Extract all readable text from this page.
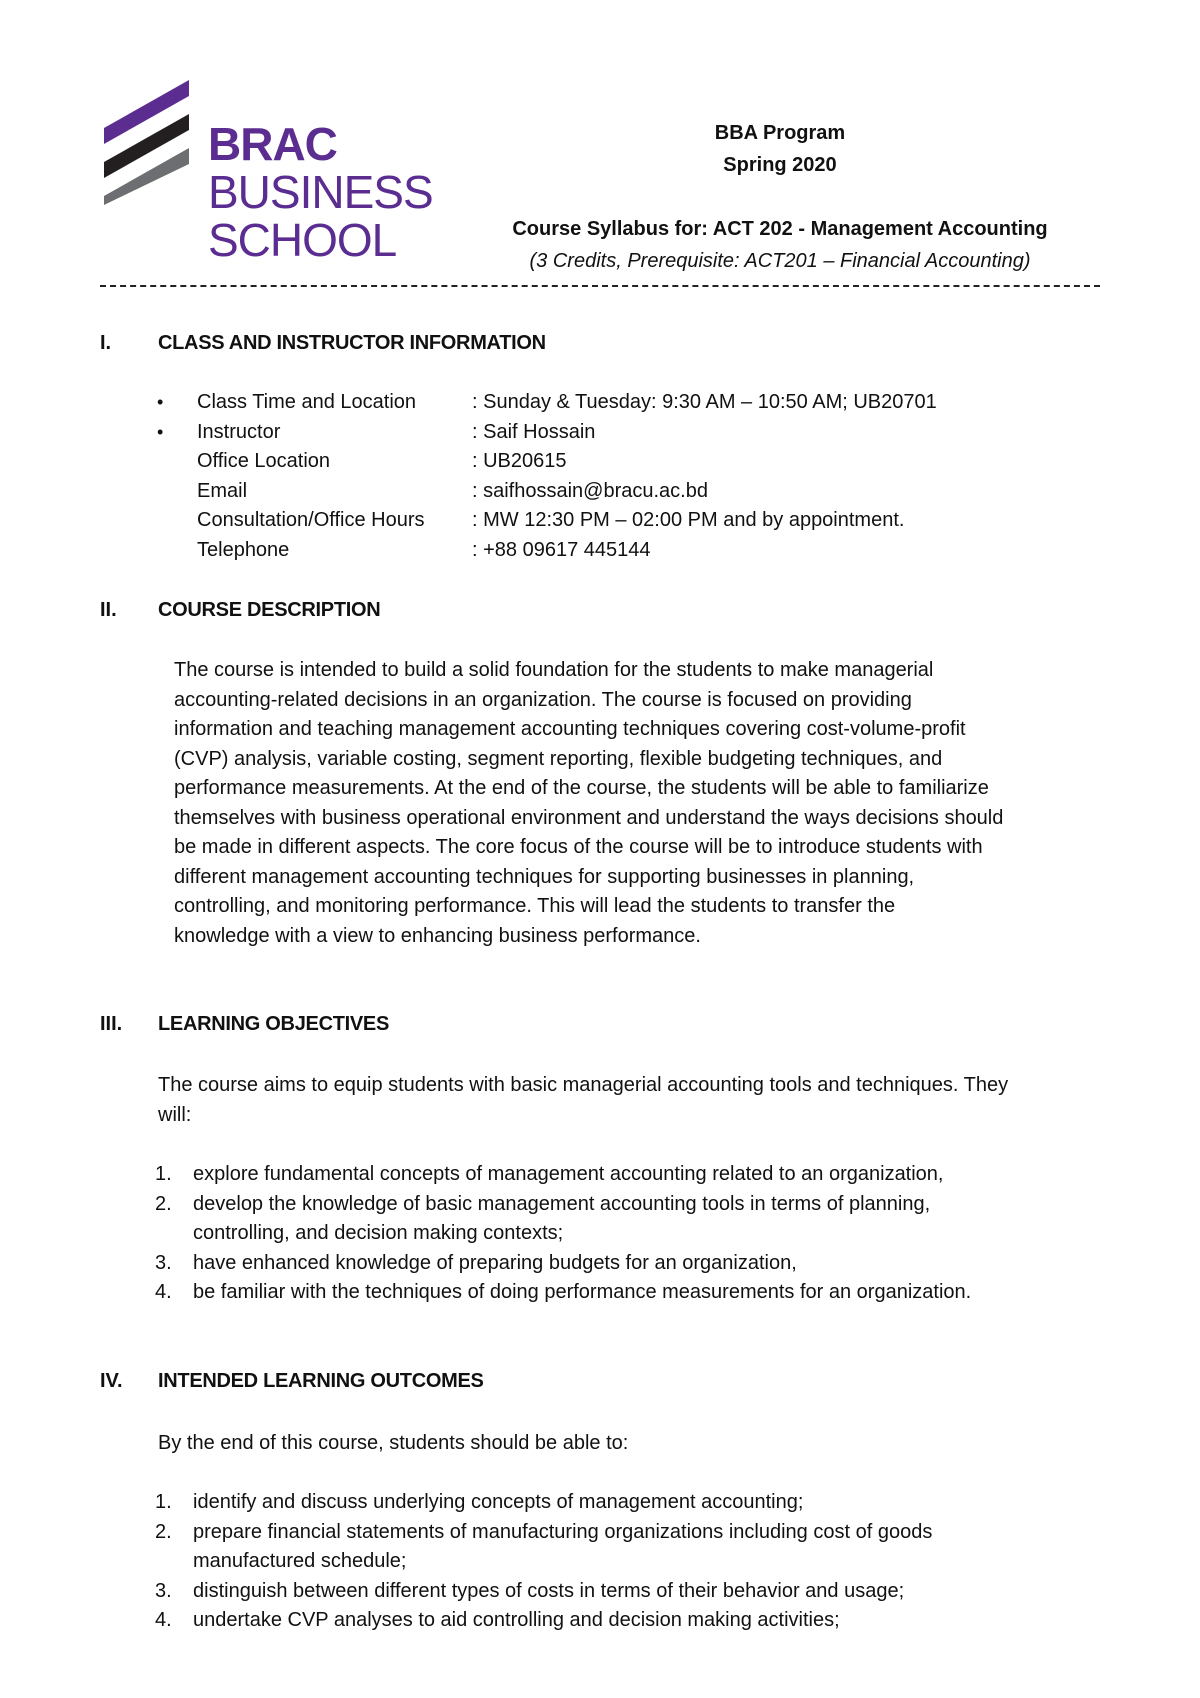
BRAC
BUSINESS
SCHOOL
BBA Program
Spring 2020
Course Syllabus for: ACT 202 - Management Accounting
(3 Credits, Prerequisite: ACT201 – Financial Accounting)
I. CLASS AND INSTRUCTOR INFORMATION
•	Class Time and Location	: Sunday & Tuesday: 9:30 AM – 10:50 AM; UB20701
•	Instructor	: Saif Hossain
Office Location	: UB20615
Email	: saifhossain@bracu.ac.bd
Consultation/Office Hours	: MW 12:30 PM – 02:00 PM and by appointment.
Telephone	: +88 09617 445144
II. COURSE DESCRIPTION
The course is intended to build a solid foundation for the students to make managerial
accounting-related decisions in an organization. The course is focused on providing
information and teaching management accounting techniques covering cost-volume-profit
(CVP) analysis, variable costing, segment reporting, flexible budgeting techniques, and
performance measurements. At the end of the course, the students will be able to familiarize
themselves with business operational environment and understand the ways decisions should
be made in different aspects. The core focus of the course will be to introduce students with
different management accounting techniques for supporting businesses in planning,
controlling, and monitoring performance. This will lead the students to transfer the
knowledge with a view to enhancing business performance.
III. LEARNING OBJECTIVES
The course aims to equip students with basic managerial accounting tools and techniques. They
will:
1.	explore fundamental concepts of management accounting related to an organization,
2.	develop the knowledge of basic management accounting tools in terms of planning,
controlling, and decision making contexts;
3.	have enhanced knowledge of preparing budgets for an organization,
4.	be familiar with the techniques of doing performance measurements for an organization.
IV. INTENDED LEARNING OUTCOMES
By the end of this course, students should be able to:
1.	identify and discuss underlying concepts of management accounting;
2.	prepare financial statements of manufacturing organizations including cost of goods
manufactured schedule;
3.	distinguish between different types of costs in terms of their behavior and usage;
4.	undertake CVP analyses to aid controlling and decision making activities;
